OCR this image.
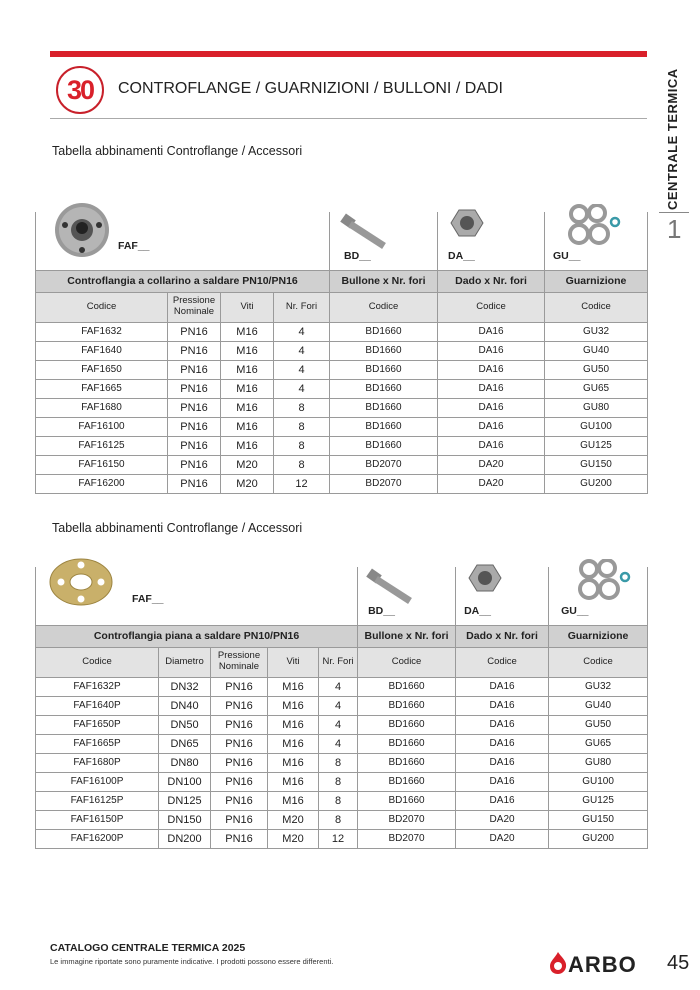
30	CONTROFLANGE / GUARNIZIONI / BULLONI / DADI	CENTRALE TERMICA
1
Tabella abbinamenti Controflange / Accessori
FAF__				BD__	DA__	GU__

Controflangia a collarino a saldare PN10/PN16				Bullone x Nr. fori	Dado x Nr. fori	Guarnizione
Codice	Pressione Nominale	Viti	Nr. Fori	Codice	Codice	Codice
FAF1632	PN16	M16	4	BD1660	DA16	GU32
FAF1640	PN16	M16	4	BD1660	DA16	GU40
FAF1650	PN16	M16	4	BD1660	DA16	GU50
FAF1665	PN16	M16	4	BD1660	DA16	GU65
FAF1680	PN16	M16	8	BD1660	DA16	GU80
FAF16100	PN16	M16	8	BD1660	DA16	GU100
FAF16125	PN16	M16	8	BD1660	DA16	GU125
FAF16150	PN16	M20	8	BD2070	DA20	GU150
FAF16200	PN16	M20	12	BD2070	DA20	GU200
Tabella abbinamenti Controflange / Accessori
FAF__					BD__	DA__	GU__

Controflangia piana a saldare PN10/PN16					Bullone x Nr. fori	Dado x Nr. fori	Guarnizione
Codice	Diametro	Pressione Nominale	Viti	Nr. Fori	Codice	Codice	Codice
FAF1632P	DN32	PN16	M16	4	BD1660	DA16	GU32
FAF1640P	DN40	PN16	M16	4	BD1660	DA16	GU40
FAF1650P	DN50	PN16	M16	4	BD1660	DA16	GU50
FAF1665P	DN65	PN16	M16	4	BD1660	DA16	GU65
FAF1680P	DN80	PN16	M16	8	BD1660	DA16	GU80
FAF16100P	DN100	PN16	M16	8	BD1660	DA16	GU100
FAF16125P	DN125	PN16	M16	8	BD1660	DA16	GU125
FAF16150P	DN150	PN16	M20	8	BD2070	DA20	GU150
FAF16200P	DN200	PN16	M20	12	BD2070	DA20	GU200
CATALOGO CENTRALE TERMICA 2025
Le immagine riportate sono puramente indicative. I prodotti possono essere differenti.	ARBO 45
